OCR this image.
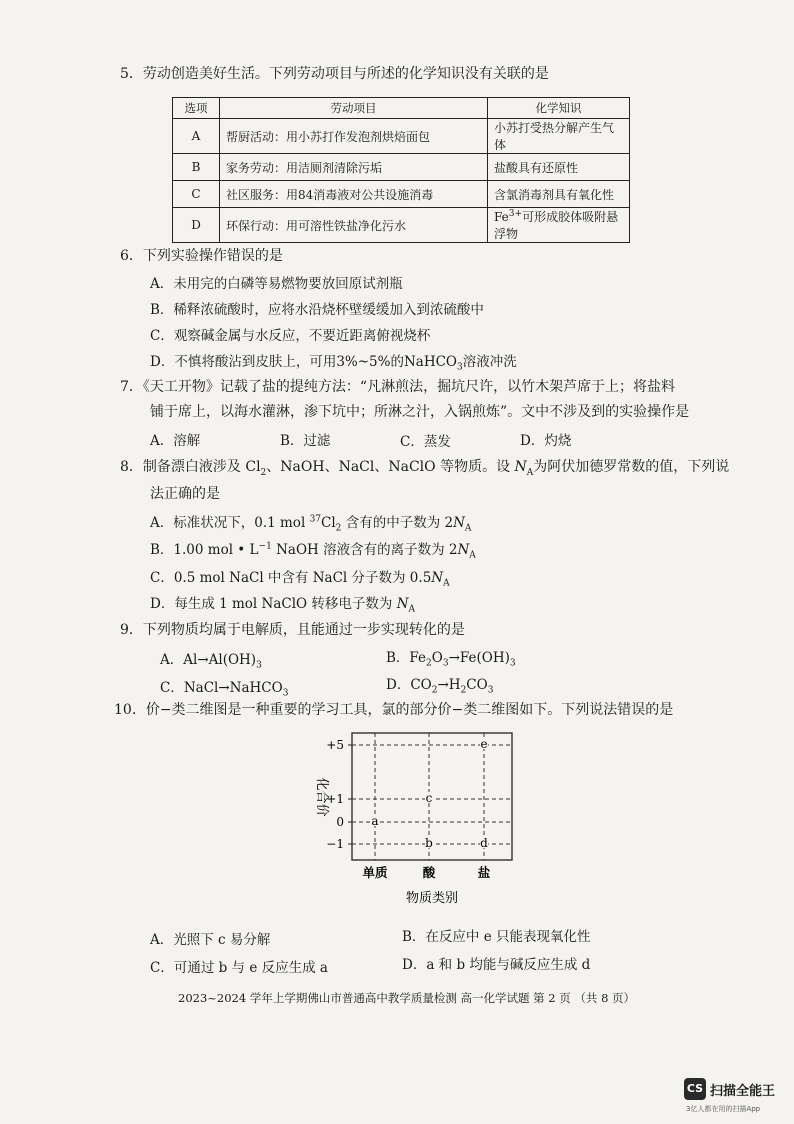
5．劳动创造美好生活。下列劳动项目与所述的化学知识没有关联的是
选项	劳动项目	化学知识
A	帮厨活动：用小苏打作发泡剂烘焙面包	小苏打受热分解产生气体
B	家务劳动：用洁厕剂清除污垢	盐酸具有还原性
C	社区服务：用84消毒液对公共设施消毒	含氯消毒剂具有氧化性
D	环保行动：用可溶性铁盐净化污水	$Fe^{3+}$可形成胶体吸附悬浮物
6．下列实验操作错误的是
A．未用完的白磷等易燃物要放回原试剂瓶
B．稀释浓硫酸时，应将水沿烧杯壁缓缓加入到浓硫酸中
C．观察碱金属与水反应，不要近距离俯视烧杯
D．不慎将酸沾到皮肤上，可用3%~5%的NaHCO$_3$溶液冲洗
7．《天工开物》记载了盐的提纯方法：“凡淋煎法，掘坑尺许，以竹木架芦席于上；将盐料
铺于席上，以海水灌淋，渗下坑中；所淋之汁，入锅煎炼”。文中不涉及到的实验操作是
A．溶解	B．过滤	C．蒸发	D．灼烧
8．制备漂白液涉及 $Cl_2$、NaOH、NaCl、NaClO 等物质。设 $N_A$为阿伏加德罗常数的值，下列说
法正确的是
A．标准状况下，0.1 mol $^{37}Cl_2$ 含有的中子数为 $2N_A$
B．1.00 mol • $L^{-1}$ NaOH 溶液含有的离子数为 $2N_A$
C．0.5 mol NaCl 中含有 NaCl 分子数为 $0.5N_A$
D．每生成 1 mol NaClO 转移电子数为 $N_A$
9．下列物质均属于电解质，且能通过一步实现转化的是
A．$Al\to Al(OH)_3$	B．$Fe_2O_3\to Fe(OH)_3$
C．NaCl→NaHCO$_3$
D．$CO_2\to H_2CO_3$
10．价−类二维图是一种重要的学习工具，氯的部分价−类二维图如下。下列说法错误的是
a
b
c
d
e
+5
+1
0
−1
单质	酸	盐
化合价
物质类别
A．光照下 c 易分解	B．在反应中 e 只能表现氧化性
C．可通过 b 与 e 反应生成 a	D．a 和 b 均能与碱反应生成 d
2023~2024 学年上学期佛山市普通高中教学质量检测 高一化学试题 第 2 页 （共 8 页）
CS 扫描全能王
3亿人都在用的扫描App
